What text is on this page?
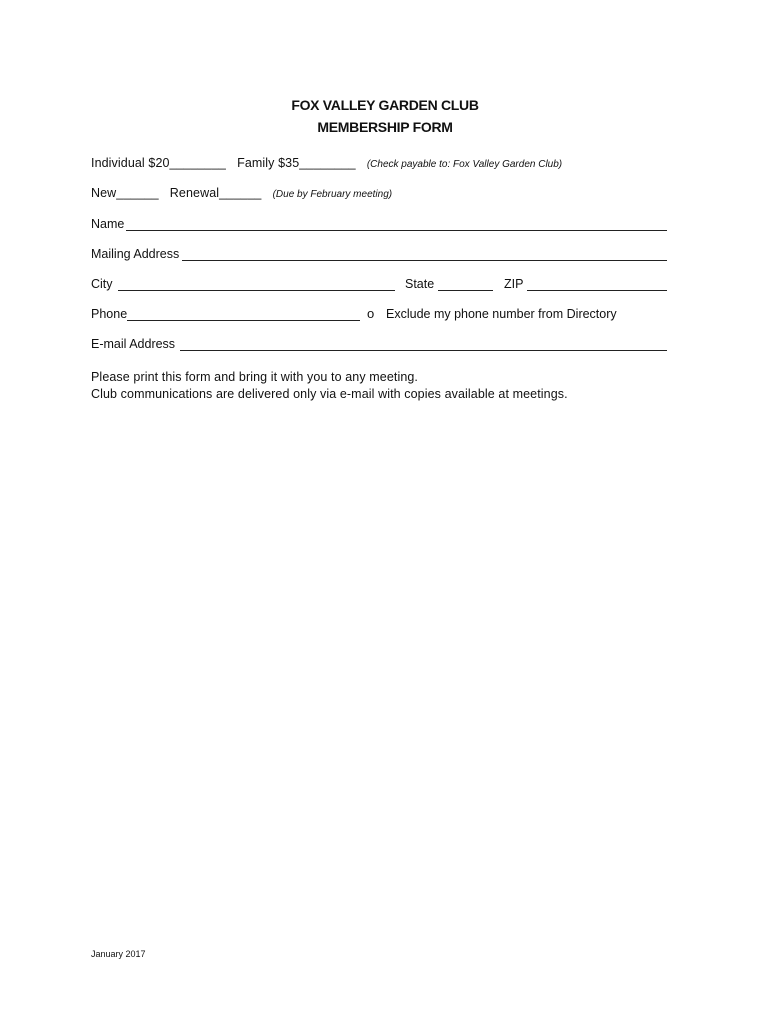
FOX VALLEY GARDEN CLUB
MEMBERSHIP FORM
Individual $20________ Family $35________ (Check payable to: Fox Valley Garden Club)
New______ Renewal______ (Due by February meeting)
Name
Mailing Address
City	State	ZIP
Phone	o Exclude my phone number from Directory
E-mail Address
Please print this form and bring it with you to any meeting.
Club communications are delivered only via e-mail with copies available at meetings.
January 2017
